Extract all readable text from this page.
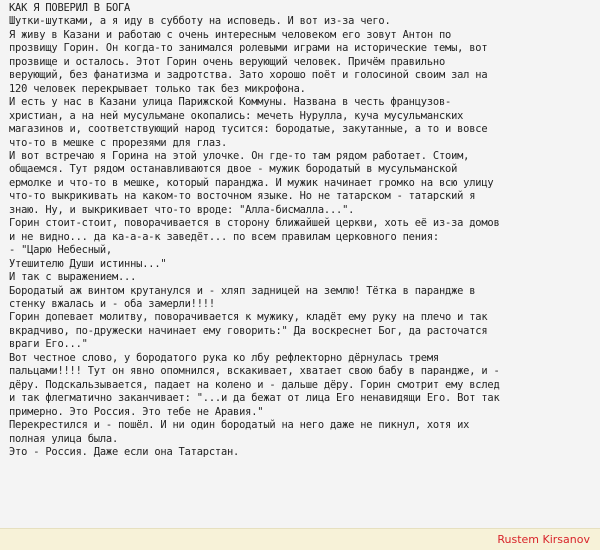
КАК Я ПОВЕРИЛ В БОГА
Шутки-шутками, а я иду в субботу на исповедь. И вот из-за чего.
Я живу в Казани и работаю с очень интересным человеком его зовут Антон по
прозвищу Горин. Он когда-то занимался ролевыми играми на исторические темы, вот
прозвище и осталось. Этот Горин очень верующий человек. Причём правильно
верующий, без фанатизма и задротства. Зато хорошо поёт и голосиной своим зал на
120 человек перекрывает только так без микрофона.
И есть у нас в Казани улица Парижской Коммуны. Названа в честь французов-
христиан, а на ней мусульмане окопались: мечеть Нурулла, куча мусульманских
магазинов и, соответствующий народ тусится: бородатые, закутанные, а то и вовсе
что-то в мешке с прорезями для глаз.
И вот встречаю я Горина на этой улочке. Он где-то там рядом работает. Стоим,
общаемся. Тут рядом останавливаются двое - мужик бородатый в мусульманской
ермолке и что-то в мешке, который паранджа. И мужик начинает громко на всю улицу
что-то выкрикивать на каком-то восточном языке. Но не татарском - татарский я
знаю. Ну, и выкрикивает что-то вроде: "Алла-бисмалла...".
Горин стоит-стоит, поворачивается в сторону ближайшей церкви, хоть её из-за домов
и не видно... да ка-а-а-к заведёт... по всем правилам церковного пения:
- "Царю Небесный,
Утешителю Души истинны..."
И так с выражением...
Бородатый аж винтом крутанулся и - хляп задницей на землю! Тётка в парандже в
стенку вжалась и - оба замерли!!!!
Горин допевает молитву, поворачивается к мужику, кладёт ему руку на плечо и так
вкрадчиво, по-дружески начинает ему говорить:" Да воскреснет Бог, да расточатся
враги Его..."
Вот честное слово, у бородатого рука ко лбу рефлекторно дёрнулась тремя
пальцами!!!! Тут он явно опомнился, вскакивает, хватает свою бабу в парандже, и -
дёру. Подскальзывается, падает на колено и - дальше дёру. Горин смотрит ему вслед
и так флегматично заканчивает: "...и да бежат от лица Его ненавидящи Его. Вот так
примерно. Это Россия. Это тебе не Аравия."
Перекрестился и - пошёл. И ни один бородатый на него даже не пикнул, хотя их
полная улица была.
Это - Россия. Даже если она Татарстан.
Rustem Kirsanov
